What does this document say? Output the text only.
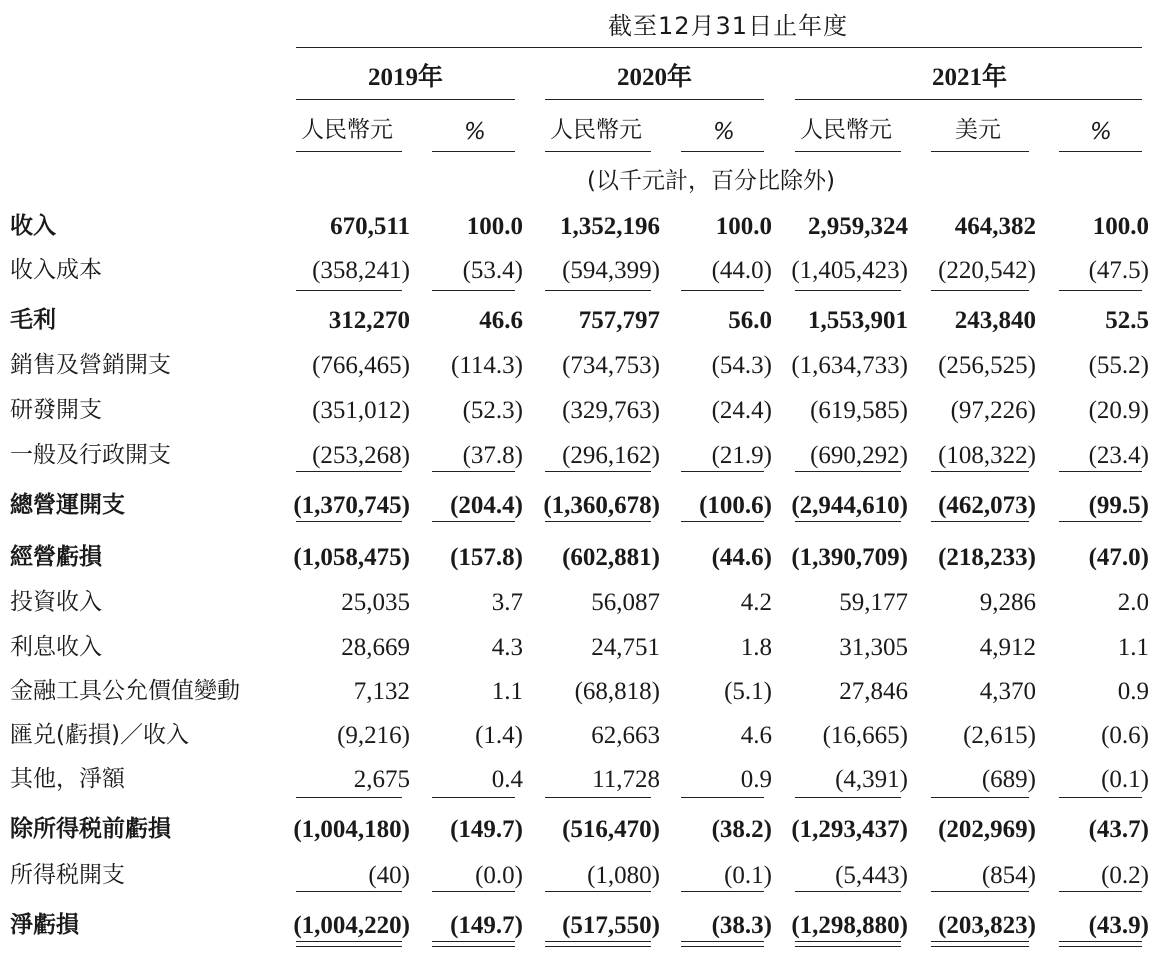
截至12月31日止年度
2019年	2020年	2021年
人民幣元	%	人民幣元	%	人民幣元	美元	%
(以千元計，百分比除外)
收入	670,511	100.0	1,352,196	100.0	2,959,324	464,382	100.0
收入成本	(358,241)	(53.4)	(594,399)	(44.0) (1,405,423)	(220,542)	(47.5)
毛利	312,270	46.6	757,797	56.0	1,553,901	243,840	52.5
銷售及營銷開支	(766,465)	(114.3)	(734,753)	(54.3) (1,634,733)	(256,525)	(55.2)
研發開支	(351,012)	(52.3)	(329,763)	(24.4)	(619,585)	(97,226)	(20.9)
一般及行政開支	(253,268)	(37.8)	(296,162)	(21.9)	(690,292)	(108,322)	(23.4)
總營運開支	(1,370,745)	(204.4) (1,360,678)	(100.6) (2,944,610)	(462,073)	(99.5)
經營虧損	(1,058,475)	(157.8)	(602,881)	(44.6) (1,390,709)	(218,233)	(47.0)
投資收入	25,035	3.7	56,087	4.2	59,177	9,286	2.0
利息收入	28,669	4.3	24,751	1.8	31,305	4,912	1.1
金融工具公允價值變動	7,132	1.1	(68,818)	(5.1)	27,846	4,370	0.9
匯兑(虧損)／收入	(9,216)	(1.4)	62,663	4.6	(16,665)	(2,615)	(0.6)
其他，淨額	2,675	0.4	11,728	0.9	(4,391)	(689)	(0.1)
除所得税前虧損	(1,004,180)	(149.7)	(516,470)	(38.2) (1,293,437)	(202,969)	(43.7)
所得税開支	(40)	(0.0)	(1,080)	(0.1)	(5,443)	(854)	(0.2)
淨虧損	(1,004,220)	(149.7)	(517,550)	(38.3) (1,298,880)	(203,823)	(43.9)
